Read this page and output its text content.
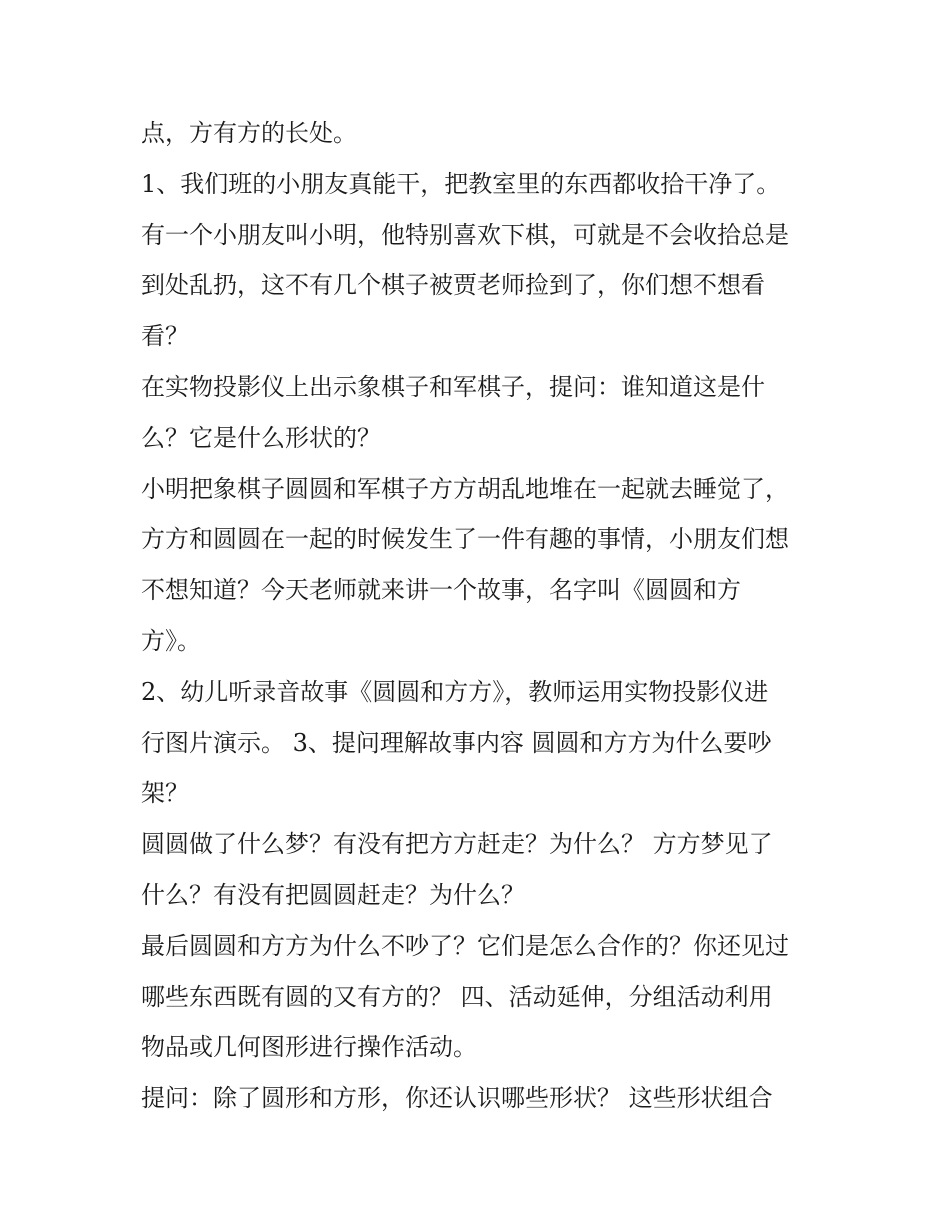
点，方有方的长处。
1、我们班的小朋友真能干，把教室里的东西都收拾干净了。
有一个小朋友叫小明，他特别喜欢下棋，可就是不会收拾总是
到处乱扔，这不有几个棋子被贾老师捡到了，你们想不想看
看？
在实物投影仪上出示象棋子和军棋子，提问：谁知道这是什
么？它是什么形状的？
小明把象棋子圆圆和军棋子方方胡乱地堆在一起就去睡觉了，
方方和圆圆在一起的时候发生了一件有趣的事情，小朋友们想
不想知道？今天老师就来讲一个故事，名字叫《圆圆和方
方》。
2、幼儿听录音故事《圆圆和方方》，教师运用实物投影仪进
行图片演示。 3、提问理解故事内容 圆圆和方方为什么要吵
架？
圆圆做了什么梦？有没有把方方赶走？为什么？ 方方梦见了
什么？有没有把圆圆赶走？为什么？
最后圆圆和方方为什么不吵了？它们是怎么合作的？你还见过
哪些东西既有圆的又有方的？ 四、活动延伸，分组活动利用
物品或几何图形进行操作活动。
提问：除了圆形和方形，你还认识哪些形状？ 这些形状组合
